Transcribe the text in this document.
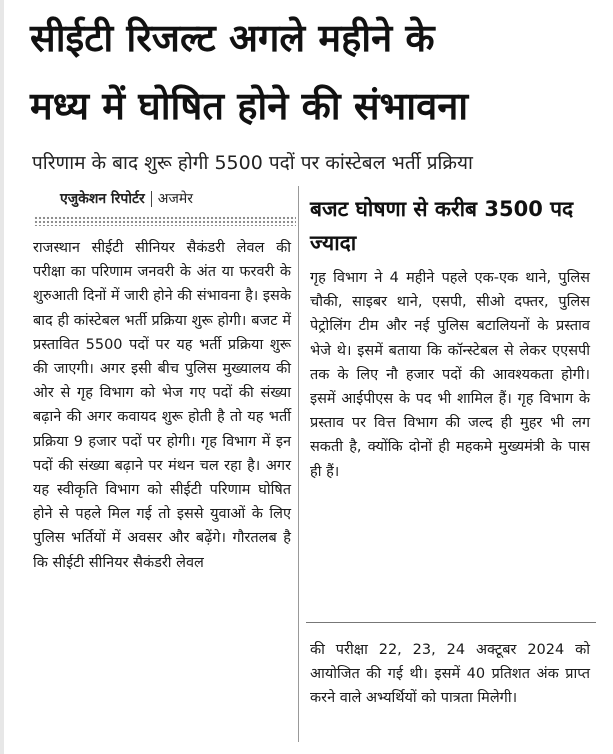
सीईटी रिजल्ट अगले महीने के
मध्य में घोषित होने की संभावना
परिणाम के बाद शुरू होगी 5500 पदों पर कांस्टेबल भर्ती प्रक्रिया
एजुकेशन रिपोर्टर अजमेर
राजस्थान सीईटी सीनियर सैकंडरी लेवल की परीक्षा का परिणाम जनवरी के अंत या फरवरी के शुरुआती दिनों में जारी होने की संभावना है। इसके बाद ही कांस्टेबल भर्ती प्रक्रिया शुरू होगी। बजट में प्रस्तावित 5500 पदों पर यह भर्ती प्रक्रिया शुरू की जाएगी। अगर इसी बीच पुलिस मुख्यालय की ओर से गृह विभाग को भेज गए पदों की संख्या बढ़ाने की अगर कवायद शुरू होती है तो यह भर्ती प्रक्रिया 9 हजार पदों पर होगी। गृह विभाग में इन पदों की संख्या बढ़ाने पर मंथन चल रहा है। अगर यह स्वीकृति विभाग को सीईटी परिणाम घोषित होने से पहले मिल गई तो इससे युवाओं के लिए पुलिस भर्तियों में अवसर और बढ़ेंगे। गौरतलब है कि सीईटी सीनियर सैकंडरी लेवल
बजट घोषणा से करीब 3500 पद ज्यादा
गृह विभाग ने 4 महीने पहले एक-एक थाने, पुलिस चौकी, साइबर थाने, एसपी, सीओ दफ्तर, पुलिस पेट्रोलिंग टीम और नई पुलिस बटालियनों के प्रस्ताव भेजे थे। इसमें बताया कि कॉन्स्टेबल से लेकर एएसपी तक के लिए नौ हजार पदों की आवश्यकता होगी। इसमें आईपीएस के पद भी शामिल हैं। गृह विभाग के प्रस्ताव पर वित्त विभाग की जल्द ही मुहर भी लग सकती है, क्योंकि दोनों ही महकमे मुख्यमंत्री के पास ही हैं।
की परीक्षा 22, 23, 24 अक्टूबर 2024 को आयोजित की गई थी। इसमें 40 प्रतिशत अंक प्राप्त करने वाले अभ्यर्थियों को पात्रता मिलेगी।
